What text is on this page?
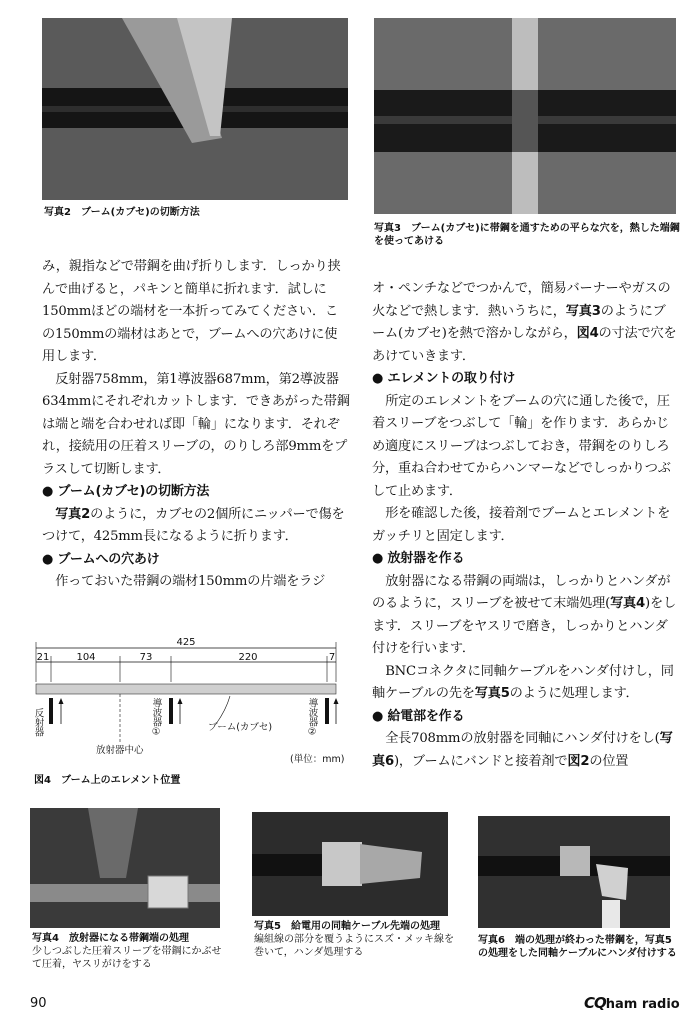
写真2　ブーム(カブセ)の切断方法
写真3　ブーム(カブセ)に帯鋼を通すための平らな穴を，熱した端鋼を使ってあける

み，親指などで帯鋼を曲げ折りします．しっかり挟んで曲げると，パキンと簡単に折れます．試しに150mmほどの端材を一本折ってみてください．この150mmの端材はあとで，ブームへの穴あけに使用します．

反射器758mm，第1導波器687mm，第2導波器634mmにそれぞれカットします．できあがった帯鋼は端と端を合わせれば即「輪」になります．それぞれ，接続用の圧着スリーブの，のりしろ部9mmをプラスして切断します．

● ブーム(カブセ)の切断方法

写真2のように，カブセの2個所にニッパーで傷をつけて，425mm長になるように折ります．

● ブームへの穴あけ

作っておいた帯鋼の端材150mmの片端をラジ

オ・ペンチなどでつかんで，簡易バーナーやガスの火などで熱します．熱いうちに，写真3のようにブーム(カブセ)を熱で溶かしながら，図4の寸法で穴をあけていきます．

● エレメントの取り付け

所定のエレメントをブームの穴に通した後で，圧着スリーブをつぶして「輪」を作ります．あらかじめ適度にスリーブはつぶしておき，帯鋼をのりしろ分，重ね合わせてからハンマーなどでしっかりつぶして止めます．

形を確認した後，接着剤でブームとエレメントをガッチリと固定します．

● 放射器を作る

放射器になる帯鋼の両端は，しっかりとハンダがのるように，スリーブを被せて末端処理(写真4)をします．スリーブをヤスリで磨き，しっかりとハンダ付けを行います．

BNCコネクタに同軸ケーブルをハンダ付けし，同軸ケーブルの先を写真5のように処理します．

● 給電部を作る

全長708mmの放射器を同軸にハンダ付けをし(写真6)，ブームにバンドと接着剤で図2の位置

425
21	104	73	220	7
反射器	導波器①	導波器②
ブーム(カブセ)
放射器中心
(単位：mm)
図4　ブーム上のエレメント位置
写真4　放射器になる帯鋼端の処理
少しつぶした圧着スリーブを帯鋼にかぶせて圧着，ヤスリがけをする
写真5　給電用の同軸ケーブル先端の処理
編組線の部分を覆うようにスズ・メッキ線を巻いて，ハンダ処理する
写真6　端の処理が終わった帯鋼を，写真5の処理をした同軸ケーブルにハンダ付けする
90	CQham radio
